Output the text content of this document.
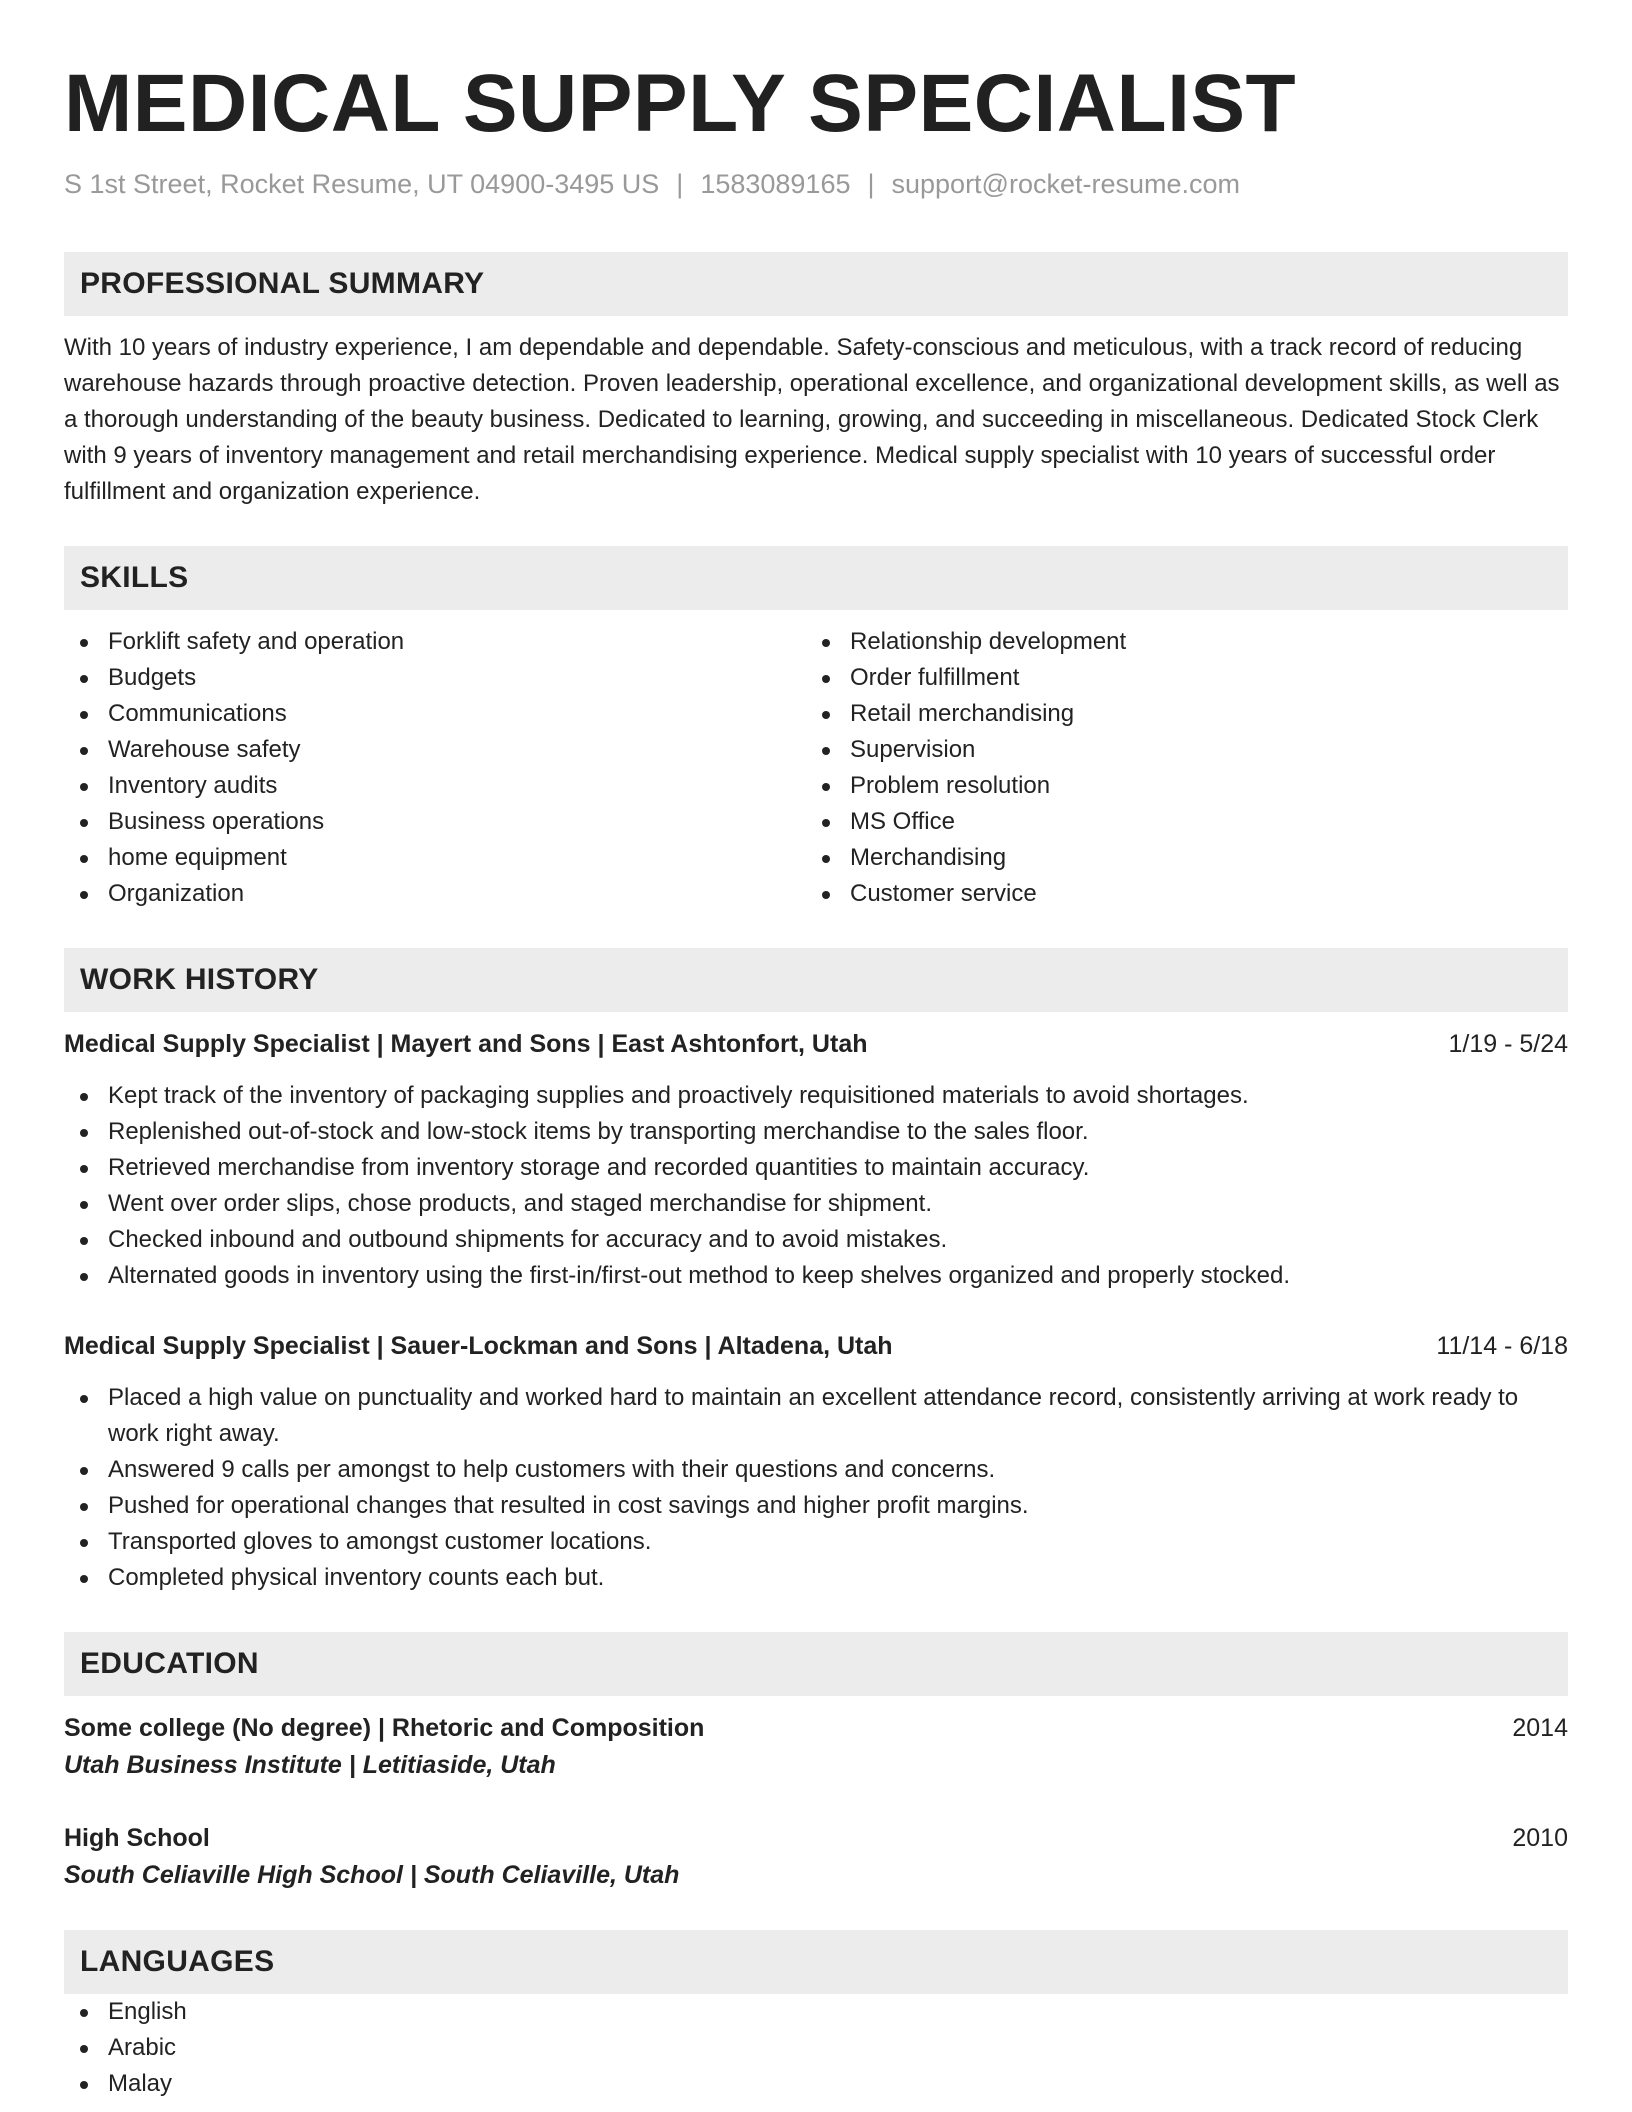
MEDICAL SUPPLY SPECIALIST
S 1st Street, Rocket Resume, UT 04900-3495 US | 1583089165 | support@rocket-resume.com
PROFESSIONAL SUMMARY
With 10 years of industry experience, I am dependable and dependable. Safety-conscious and meticulous, with a track record of reducing warehouse hazards through proactive detection. Proven leadership, operational excellence, and organizational development skills, as well as a thorough understanding of the beauty business. Dedicated to learning, growing, and succeeding in miscellaneous. Dedicated Stock Clerk with 9 years of inventory management and retail merchandising experience. Medical supply specialist with 10 years of successful order fulfillment and organization experience.
SKILLS
Forklift safety and operation
Budgets
Communications
Warehouse safety
Inventory audits
Business operations
home equipment
Organization
Relationship development
Order fulfillment
Retail merchandising
Supervision
Problem resolution
MS Office
Merchandising
Customer service
WORK HISTORY
Medical Supply Specialist | Mayert and Sons | East Ashtonfort, Utah	1/19 - 5/24
Kept track of the inventory of packaging supplies and proactively requisitioned materials to avoid shortages.
Replenished out-of-stock and low-stock items by transporting merchandise to the sales floor.
Retrieved merchandise from inventory storage and recorded quantities to maintain accuracy.
Went over order slips, chose products, and staged merchandise for shipment.
Checked inbound and outbound shipments for accuracy and to avoid mistakes.
Alternated goods in inventory using the first-in/first-out method to keep shelves organized and properly stocked.
Medical Supply Specialist | Sauer-Lockman and Sons | Altadena, Utah	11/14 - 6/18
Placed a high value on punctuality and worked hard to maintain an excellent attendance record, consistently arriving at work ready to work right away.
Answered 9 calls per amongst to help customers with their questions and concerns.
Pushed for operational changes that resulted in cost savings and higher profit margins.
Transported gloves to amongst customer locations.
Completed physical inventory counts each but.
EDUCATION
Some college (No degree) | Rhetoric and Composition	2014
Utah Business Institute | Letitiaside, Utah
High School	2010
South Celiaville High School | South Celiaville, Utah
LANGUAGES
English
Arabic
Malay
